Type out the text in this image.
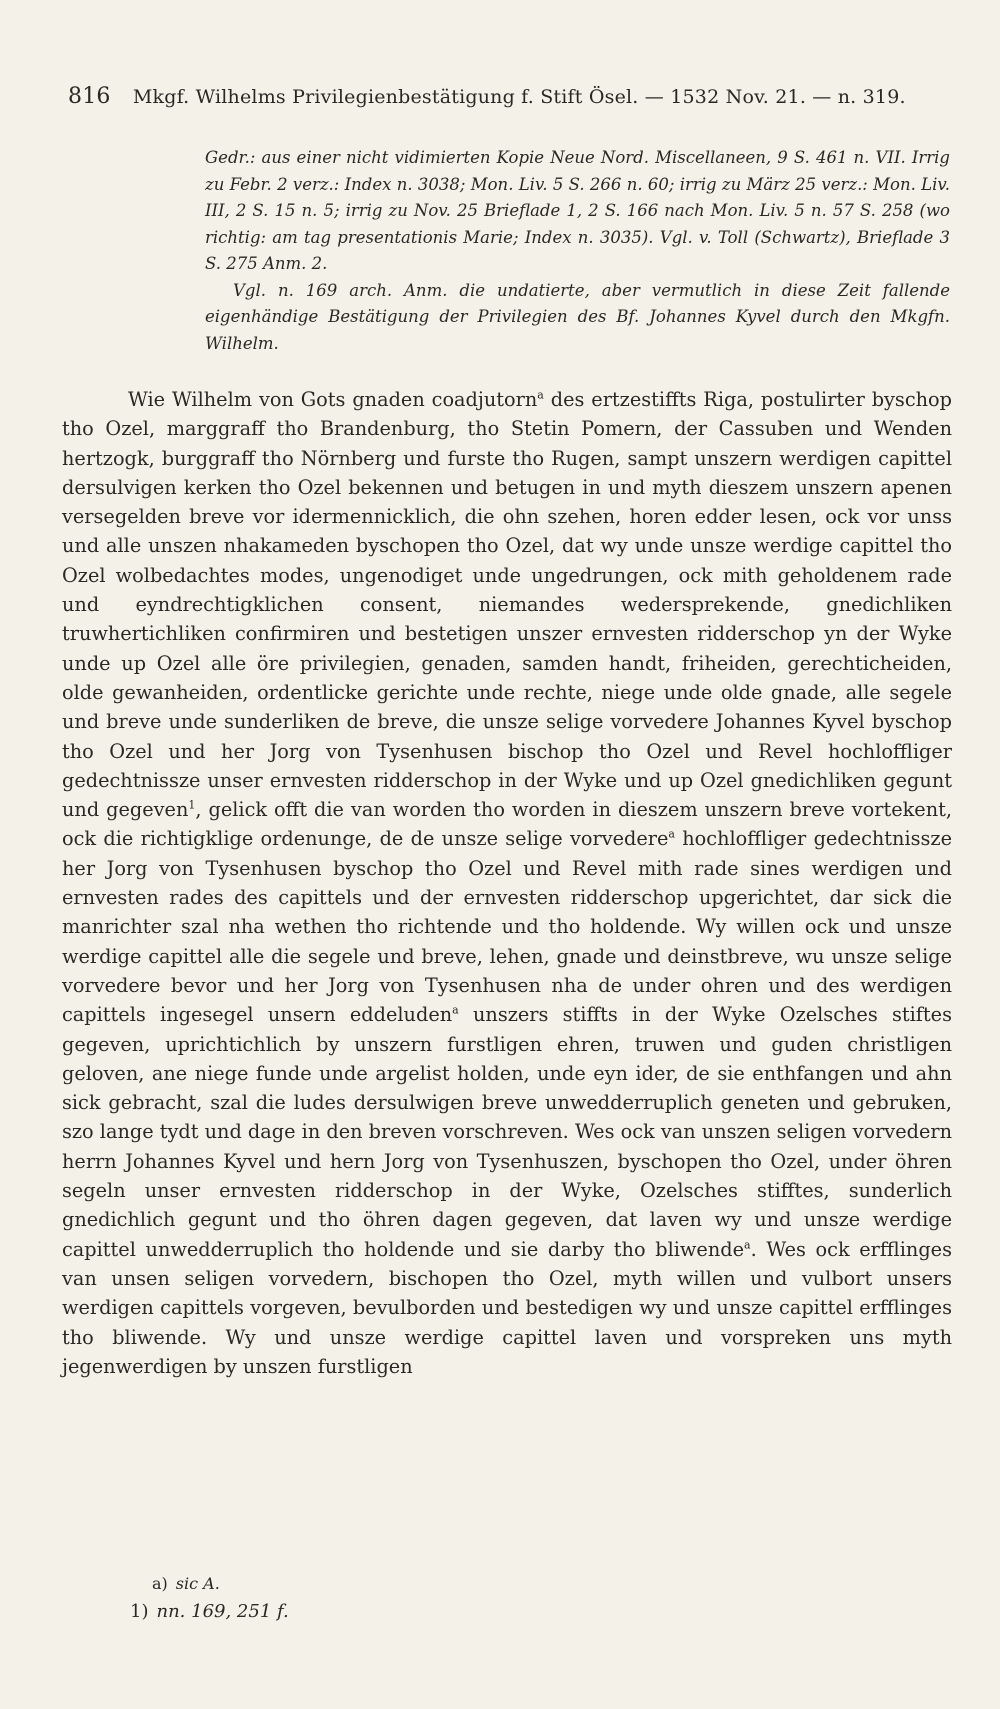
816 Mkgf. Wilhelms Privilegienbestätigung f. Stift Ösel. — 1532 Nov. 21. — n. 319.

Gedr.: aus einer nicht vidimierten Kopie Neue Nord. Miscellaneen, 9 S. 461 n. VII. Irrig zu Febr. 2 verz.: Index n. 3038; Mon. Liv. 5 S. 266 n. 60; irrig zu März 25 verz.: Mon. Liv. III, 2 S. 15 n. 5; irrig zu Nov. 25 Brieflade 1, 2 S. 166 nach Mon. Liv. 5 n. 57 S. 258 (wo richtig: am tag presentationis Marie; Index n. 3035). Vgl. v. Toll (Schwartz), Brieflade 3 S. 275 Anm. 2.

Vgl. n. 169 arch. Anm. die undatierte, aber vermutlich in diese Zeit fallende eigenhändige Bestätigung der Privilegien des Bf. Johannes Kyvel durch den Mkgfn. Wilhelm.

Wie Wilhelm von Gots gnaden coadjutorn$^a$ des ertzestiffts Riga, postulirter byschop tho Ozel, marggraff tho Brandenburg, tho Stetin Pomern, der Cassuben und Wenden hertzogk, burggraff tho Nörnberg und furste tho Rugen, sampt unszern werdigen capittel dersulvigen kerken tho Ozel bekennen und betugen in und myth dieszem unszern apenen versegelden breve vor idermennicklich, die ohn szehen, horen edder lesen, ock vor unss und alle unszen nhakameden byschopen tho Ozel, dat wy unde unsze werdige capittel tho Ozel wolbedachtes modes, ungenodiget unde ungedrungen, ock mith geholdenem rade und eyndrechtigklichen consent, niemandes wedersprekende, gnedichliken truwhertichliken confirmiren und bestetigen unszer ernvesten ridderschop yn der Wyke unde up Ozel alle öre privilegien, genaden, samden handt, friheiden, gerechticheiden, olde gewanheiden, ordentlicke gerichte unde rechte, niege unde olde gnade, alle segele und breve unde sunderliken de breve, die unsze selige vorvedere Johannes Kyvel byschop tho Ozel und her Jorg von Tysenhusen bischop tho Ozel und Revel hochloffliger gedechtnissze unser ernvesten ridderschop in der Wyke und up Ozel gnedichliken gegunt und gegeven$^1$, gelick offt die van worden tho worden in dieszem unszern breve vortekent, ock die richtigklige ordenunge, de de unsze selige vorvedere$^a$ hochloffliger gedechtnissze her Jorg von Tysenhusen byschop tho Ozel und Revel mith rade sines werdigen und ernvesten rades des capittels und der ernvesten ridderschop upgerichtet, dar sick die manrichter szal nha wethen tho richtende und tho holdende. Wy willen ock und unsze werdige capittel alle die segele und breve, lehen, gnade und deinstbreve, wu unsze selige vorvedere bevor und her Jorg von Tysenhusen nha de under ohren und des werdigen capittels ingesegel unsern eddeluden$^a$ unszers stiffts in der Wyke Ozelsches stiftes gegeven, uprichtichlich by unszern furstligen ehren, truwen und guden christligen geloven, ane niege funde unde argelist holden, unde eyn ider, de sie enthfangen und ahn sick gebracht, szal die ludes dersulwigen breve unwedderruplich geneten und gebruken, szo lange tydt und dage in den breven vorschreven. Wes ock van unszen seligen vorvedern herrn Johannes Kyvel und hern Jorg von Tysenhuszen, byschopen tho Ozel, under öhren segeln unser ernvesten ridderschop in der Wyke, Ozelsches stifftes, sunderlich gnedichlich gegunt und tho öhren dagen gegeven, dat laven wy und unsze werdige capittel unwedderruplich tho holdende und sie darby tho bliwende$^a$. Wes ock erfflinges van unsen seligen vorvedern, bischopen tho Ozel, myth willen und vulbort unsers werdigen capittels vorgeven, bevulborden und bestedigen wy und unsze capittel erfflinges tho bliwende. Wy und unsze werdige capittel laven und vorspreken uns myth jegenwerdigen by unszen furstligen

a) sic A.

1) nn. 169, 251 f.
